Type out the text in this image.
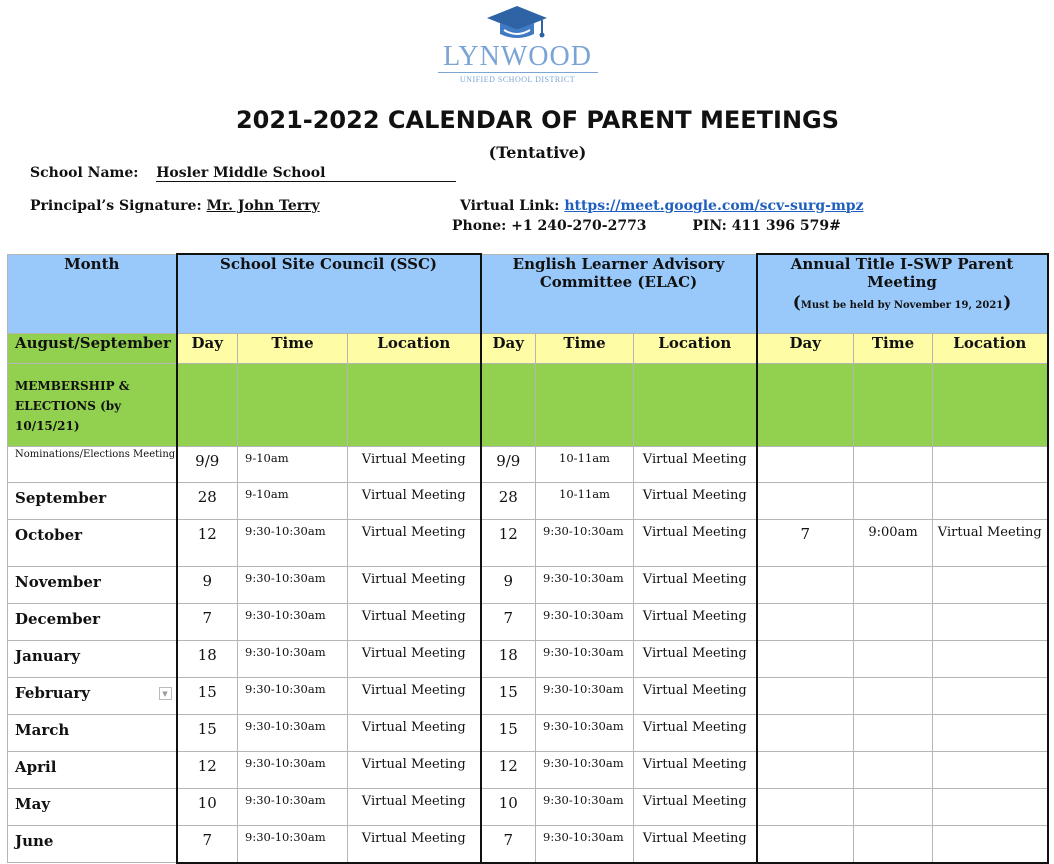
LYNWOOD
UNIFIED SCHOOL DISTRICT
2021-2022 CALENDAR OF PARENT MEETINGS
(Tentative)
School Name: Hosler Middle School
Principal’s Signature: Mr. John Terry	Virtual Link: https://meet.google.com/scv-surg-mpz
Phone: +1 240-270-2773	PIN: 411 396 579#
Month	School Site Council (SSC)			English Learner Advisory Committee (ELAC)			Annual Title I-SWP Parent Meeting
(Must be held by November 19, 2021)		

August/September	Day	Time	Location	Day	Time	Location	Day	Time	Location
MEMBERSHIP & ELECTIONS (by 10/15/21)									
Nominations/Elections Meeting	9/9	9-10am	Virtual Meeting	9/9	10-11am	Virtual Meeting			
September	28	9-10am	Virtual Meeting	28	10-11am	Virtual Meeting			
October	12	9:30-10:30am	Virtual Meeting	12	9:30-10:30am	Virtual Meeting	7	9:00am	Virtual Meeting
November	9	9:30-10:30am	Virtual Meeting	9	9:30-10:30am	Virtual Meeting			
December	7	9:30-10:30am	Virtual Meeting	7	9:30-10:30am	Virtual Meeting			
January	18	9:30-10:30am	Virtual Meeting	18	9:30-10:30am	Virtual Meeting			
February ▼	15	9:30-10:30am	Virtual Meeting	15	9:30-10:30am	Virtual Meeting			
March	15	9:30-10:30am	Virtual Meeting	15	9:30-10:30am	Virtual Meeting			
April	12	9:30-10:30am	Virtual Meeting	12	9:30-10:30am	Virtual Meeting			
May	10	9:30-10:30am	Virtual Meeting	10	9:30-10:30am	Virtual Meeting			
June	7	9:30-10:30am	Virtual Meeting	7	9:30-10:30am	Virtual Meeting			
